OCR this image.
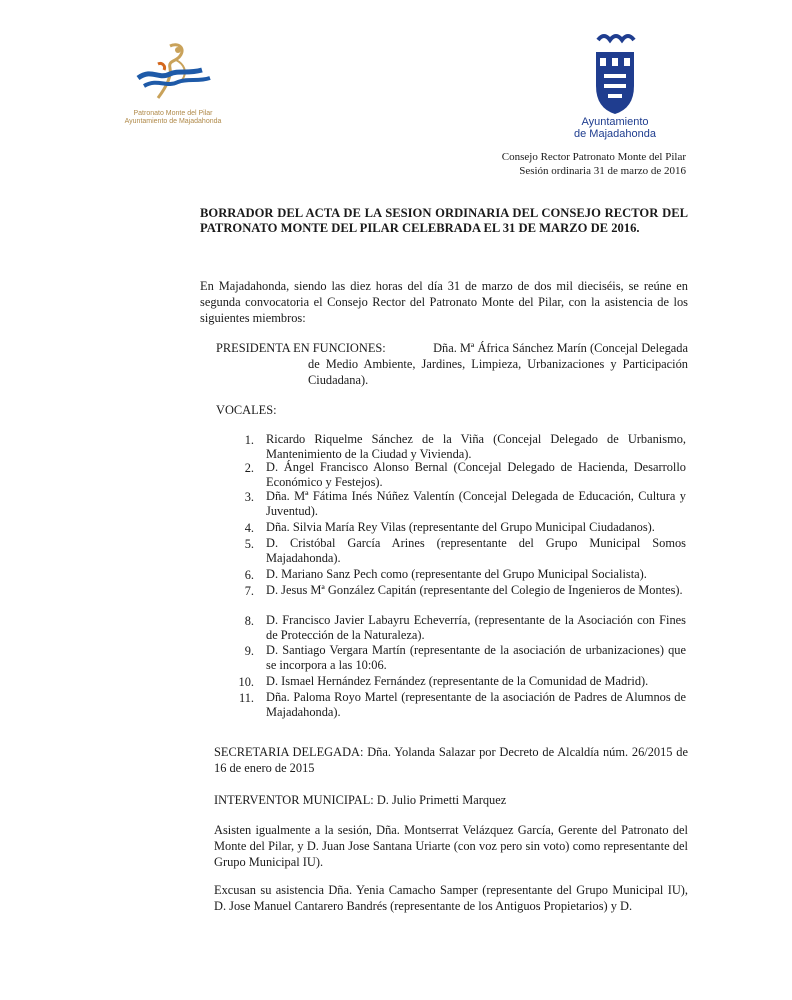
Patronato Monte del Pilar
Ayuntamiento de Majadahonda	Ayuntamiento
de Majadahonda
Consejo Rector Patronato Monte del Pilar
Sesión ordinaria 31 de marzo de 2016
BORRADOR DEL ACTA DE LA SESION ORDINARIA DEL CONSEJO RECTOR DEL PATRONATO MONTE DEL PILAR CELEBRADA EL 31 DE MARZO DE 2016.
En Majadahonda, siendo las diez horas del día 31 de marzo de dos mil dieciséis, se reúne en segunda convocatoria el Consejo Rector del Patronato Monte del Pilar, con la asistencia de los siguientes miembros:
PRESIDENTA EN FUNCIONES:	Dña. Mª África Sánchez Marín (Concejal Delegada
de Medio Ambiente, Jardines, Limpieza, Urbanizaciones y Participación Ciudadana).
VOCALES:
1. Ricardo Riquelme Sánchez de la Viña (Concejal Delegado de Urbanismo, Mantenimiento de la Ciudad y Vivienda).
2. D. Ángel Francisco Alonso Bernal (Concejal Delegado de Hacienda, Desarrollo Económico y Festejos).
3. Dña. Mª Fátima Inés Núñez Valentín (Concejal Delegada de Educación, Cultura y Juventud).
4. Dña. Silvia María Rey Vilas (representante del Grupo Municipal Ciudadanos).
5. D. Cristóbal García Arines (representante del Grupo Municipal Somos Majadahonda).
6. D. Mariano Sanz Pech como (representante del Grupo Municipal Socialista).
7. D. Jesus Mª González Capitán (representante del Colegio de Ingenieros de Montes).
8. D. Francisco Javier Labayru Echeverría, (representante de la Asociación con Fines de Protección de la Naturaleza).
9. D. Santiago Vergara Martín (representante de la asociación de urbanizaciones) que se incorpora a las 10:06.
10. D. Ismael Hernández Fernández (representante de la Comunidad de Madrid).
11. Dña. Paloma Royo Martel (representante de la asociación de Padres de Alumnos de Majadahonda).
SECRETARIA DELEGADA: Dña. Yolanda Salazar por Decreto de Alcaldía núm. 26/2015 de 16 de enero de 2015
INTERVENTOR MUNICIPAL: D. Julio Primetti Marquez
Asisten igualmente a la sesión, Dña. Montserrat Velázquez García, Gerente del Patronato del Monte del Pilar, y D. Juan Jose Santana Uriarte (con voz pero sin voto) como representante del Grupo Municipal IU).
Excusan su asistencia Dña. Yenia Camacho Samper (representante del Grupo Municipal IU), D. Jose Manuel Cantarero Bandrés (representante de los Antiguos Propietarios) y D.
